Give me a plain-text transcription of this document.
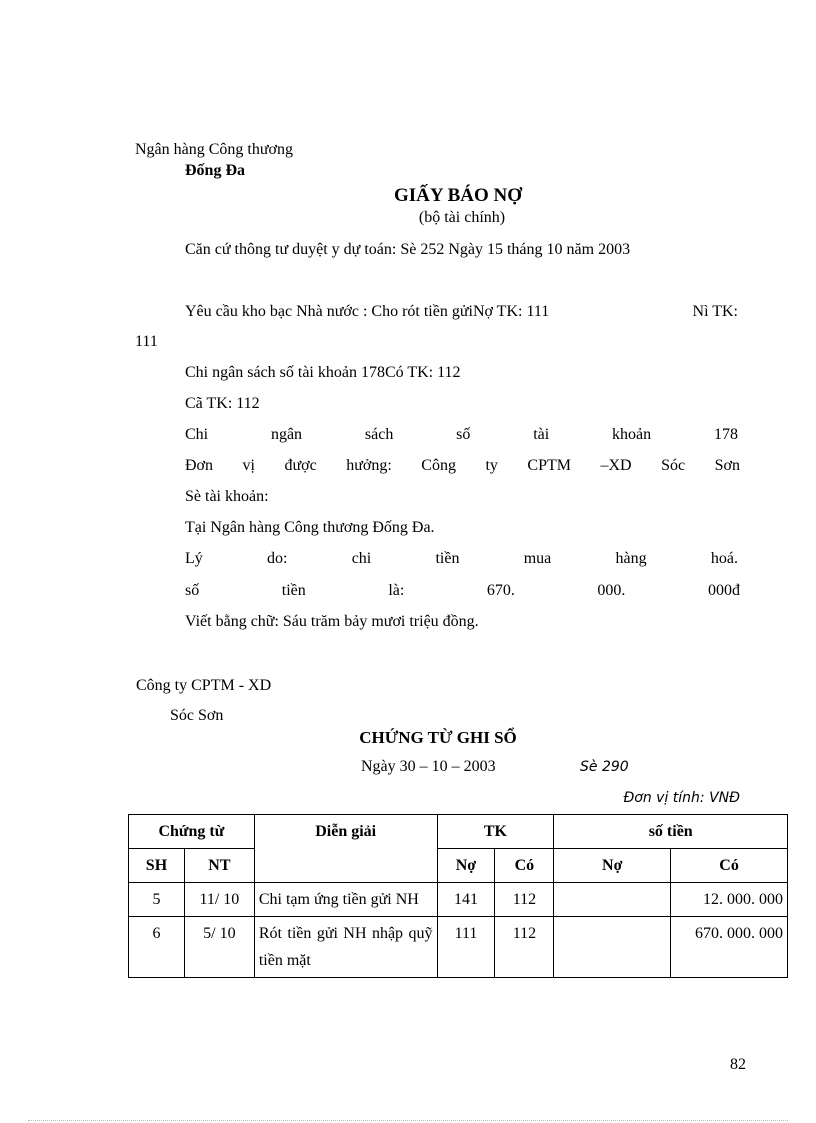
Ngân hàng Công thương
Đống Đa
GIẤY BÁO NỢ
(bộ tài chính)
Căn cứ thông tư duyệt y dự toán: Sè 252 Ngày 15 tháng 10 năm 2003
Yêu cầu kho bạc Nhà nước : Cho rót tiền gửiNợ TK: 111	Nì TK:
111
Chi ngân sách số tài khoản 178Có TK: 112
Cã TK: 112
Chi	ngân	sách	số	tài	khoản	178
Đơn vị được hưởng: Công ty CPTM –XD Sóc Sơn
Sè tài khoản:
Tại Ngân hàng Công thương Đống Đa.
Lý	do:	chi	tiền	mua	hàng	hoá.
số	tiền	là:	670.	000.	000đ
Viết bằng chữ: Sáu trăm bảy mươi triệu đồng.
Công ty CPTM - XD
Sóc Sơn
CHỨNG TỪ GHI SỔ
Ngày 30 – 10 – 2003	Sè 290
Đơn vị tính: VNĐ
Chứng từ		Diễn giải	TK		số tiền	
SH	NT		Nợ	Có	Nợ	Có
5	11/ 10	Chi tạm ứng tiền gửi NH	141	112		12. 000. 000
6	5/ 10	Rót tiền gửi NH nhập quỹ tiền mặt	111	112		670. 000. 000
82
